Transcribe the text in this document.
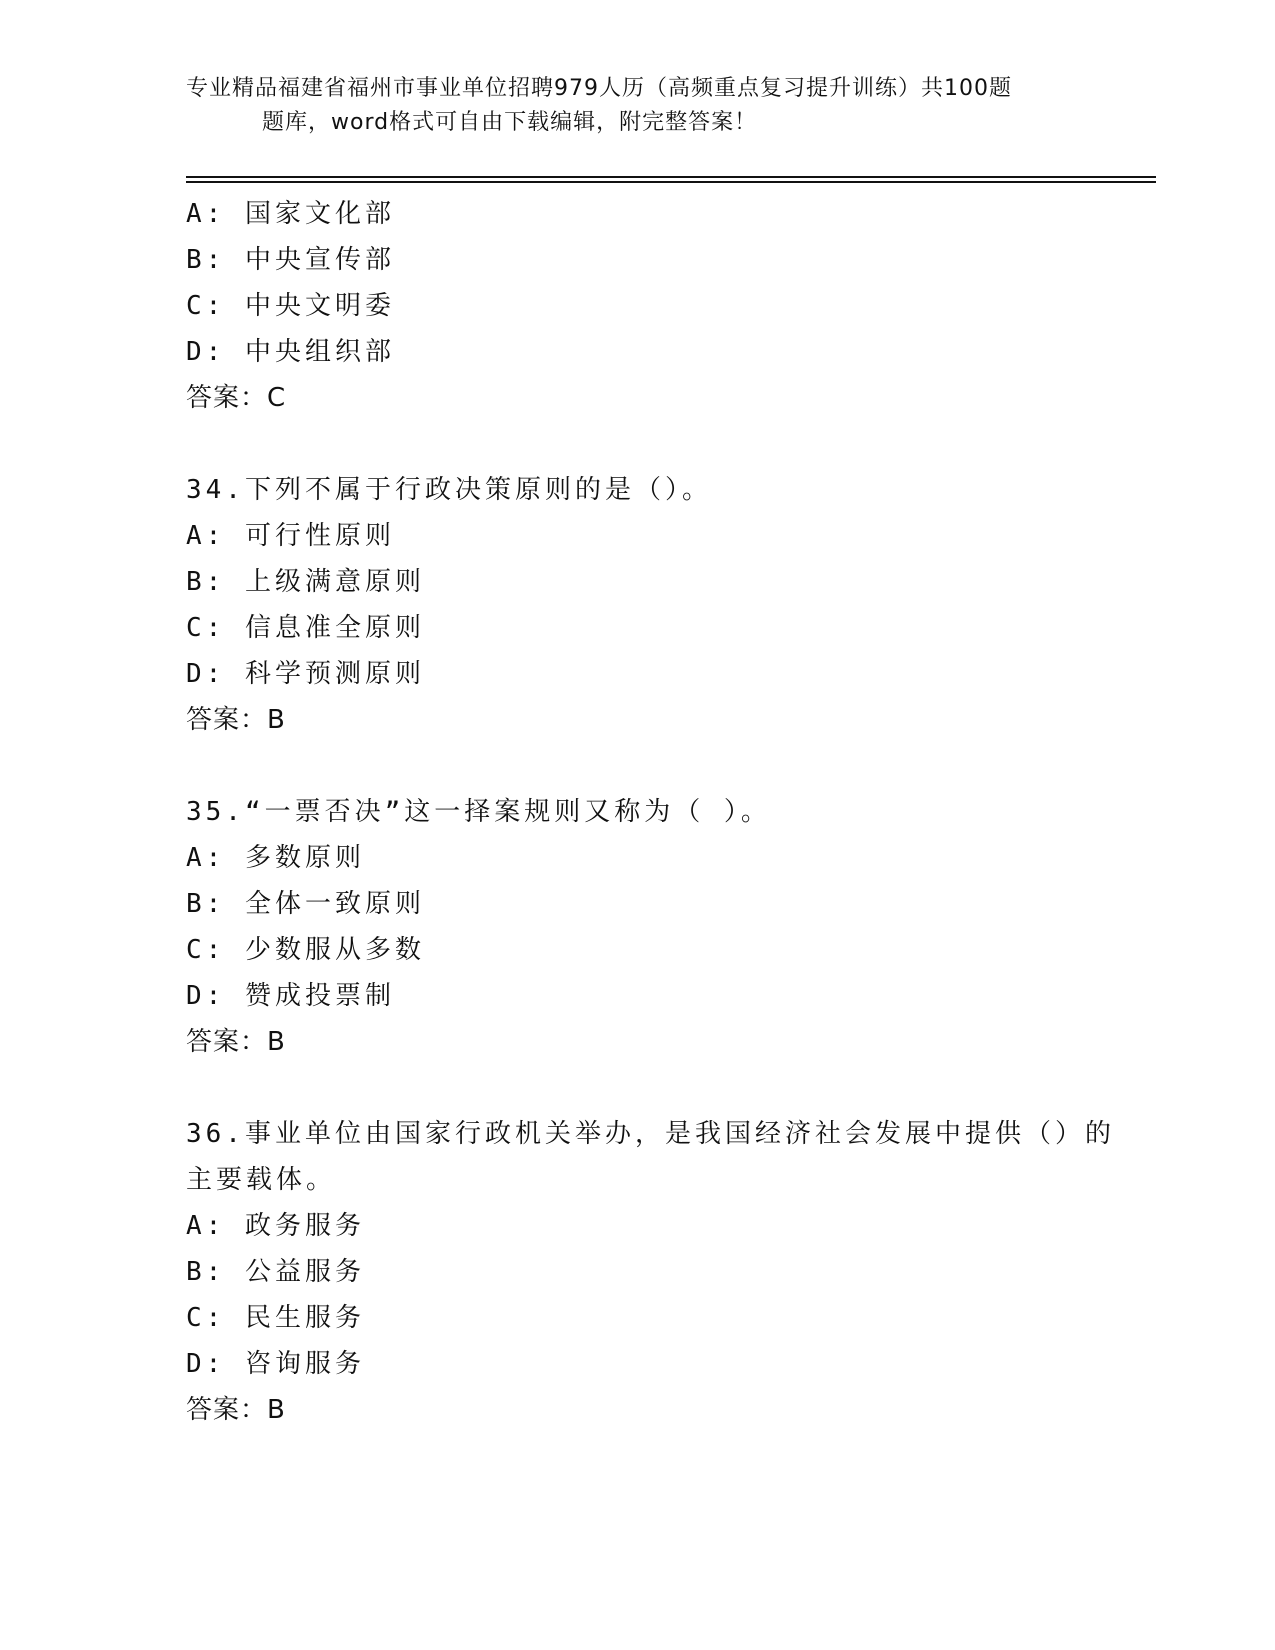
专业精品福建省福州市事业单位招聘979人历（高频重点复习提升训练）共100题
题库，word格式可自由下载编辑，附完整答案！
A: 国家文化部
B: 中央宣传部
C: 中央文明委
D: 中央组织部
答案：C
34.下列不属于行政决策原则的是（）。
A: 可行性原则
B: 上级满意原则
C: 信息准全原则
D: 科学预测原则
答案：B
35.“一票否决”这一择案规则又称为（ ）。
A: 多数原则
B: 全体一致原则
C: 少数服从多数
D: 赞成投票制
答案：B
36.事业单位由国家行政机关举办，是我国经济社会发展中提供（）的
主要载体。
A: 政务服务
B: 公益服务
C: 民生服务
D: 咨询服务
答案：B
